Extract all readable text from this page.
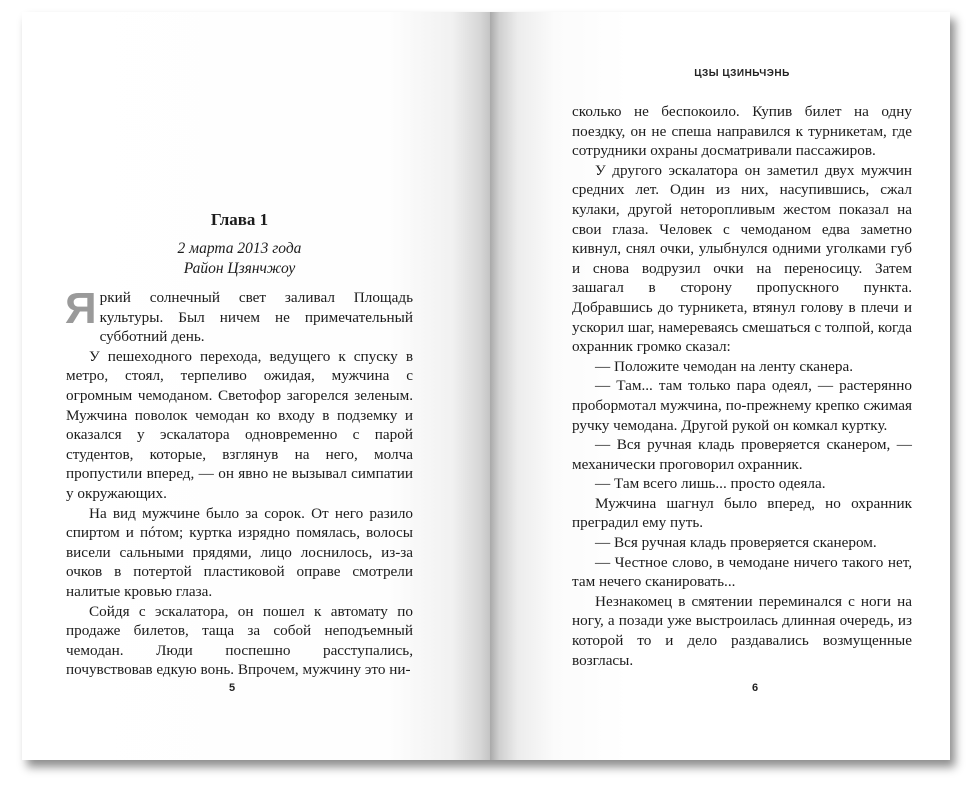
Глава 1
2 марта 2013 года
Район Цзянчжоу

Яркий солнечный свет заливал Площадь культуры. Был ничем не примечательный субботний день.

У пешеходного перехода, ведущего к спуску в метро, стоял, терпеливо ожидая, мужчина с огромным чемоданом. Светофор загорелся зеленым. Мужчина поволок чемодан ко входу в подземку и оказался у эскалатора одновременно с парой студентов, которые, взглянув на него, молча пропустили вперед, — он явно не вызывал симпатии у окружающих.

На вид мужчине было за сорок. От него разило спиртом и пóтом; куртка изрядно помялась, волосы висели сальными прядями, лицо лоснилось, из-за очков в потертой пластиковой оправе смотрели налитые кровью глаза.

Сойдя с эскалатора, он пошел к автомату по продаже билетов, таща за собой неподъемный чемодан. Люди поспешно расступались, почувствовав едкую вонь. Впрочем, мужчину это ни-

5
ЦЗЫ ЦЗИНЬЧЭНЬ

сколько не беспокоило. Купив билет на одну поездку, он не спеша направился к турникетам, где сотрудники охраны досматривали пассажиров.

У другого эскалатора он заметил двух мужчин средних лет. Один из них, насупившись, сжал кулаки, другой неторопливым жестом показал на свои глаза. Человек с чемоданом едва заметно кивнул, снял очки, улыбнулся одними уголками губ и снова водрузил очки на переносицу. Затем зашагал в сторону пропускного пункта. Добравшись до турникета, втянул голову в плечи и ускорил шаг, намереваясь смешаться с толпой, когда охранник громко сказал:

— Положите чемодан на ленту сканера.

— Там... там только пара одеял, — растерянно пробормотал мужчина, по-прежнему крепко сжимая ручку чемодана. Другой рукой он комкал куртку.

— Вся ручная кладь проверяется сканером, — механически проговорил охранник.

— Там всего лишь... просто одеяла.

Мужчина шагнул было вперед, но охранник преградил ему путь.

— Вся ручная кладь проверяется сканером.

— Честное слово, в чемодане ничего такого нет, там нечего сканировать...

Незнакомец в смятении переминался с ноги на ногу, а позади уже выстроилась длинная очередь, из которой то и дело раздавались возмущенные возгласы.

6
